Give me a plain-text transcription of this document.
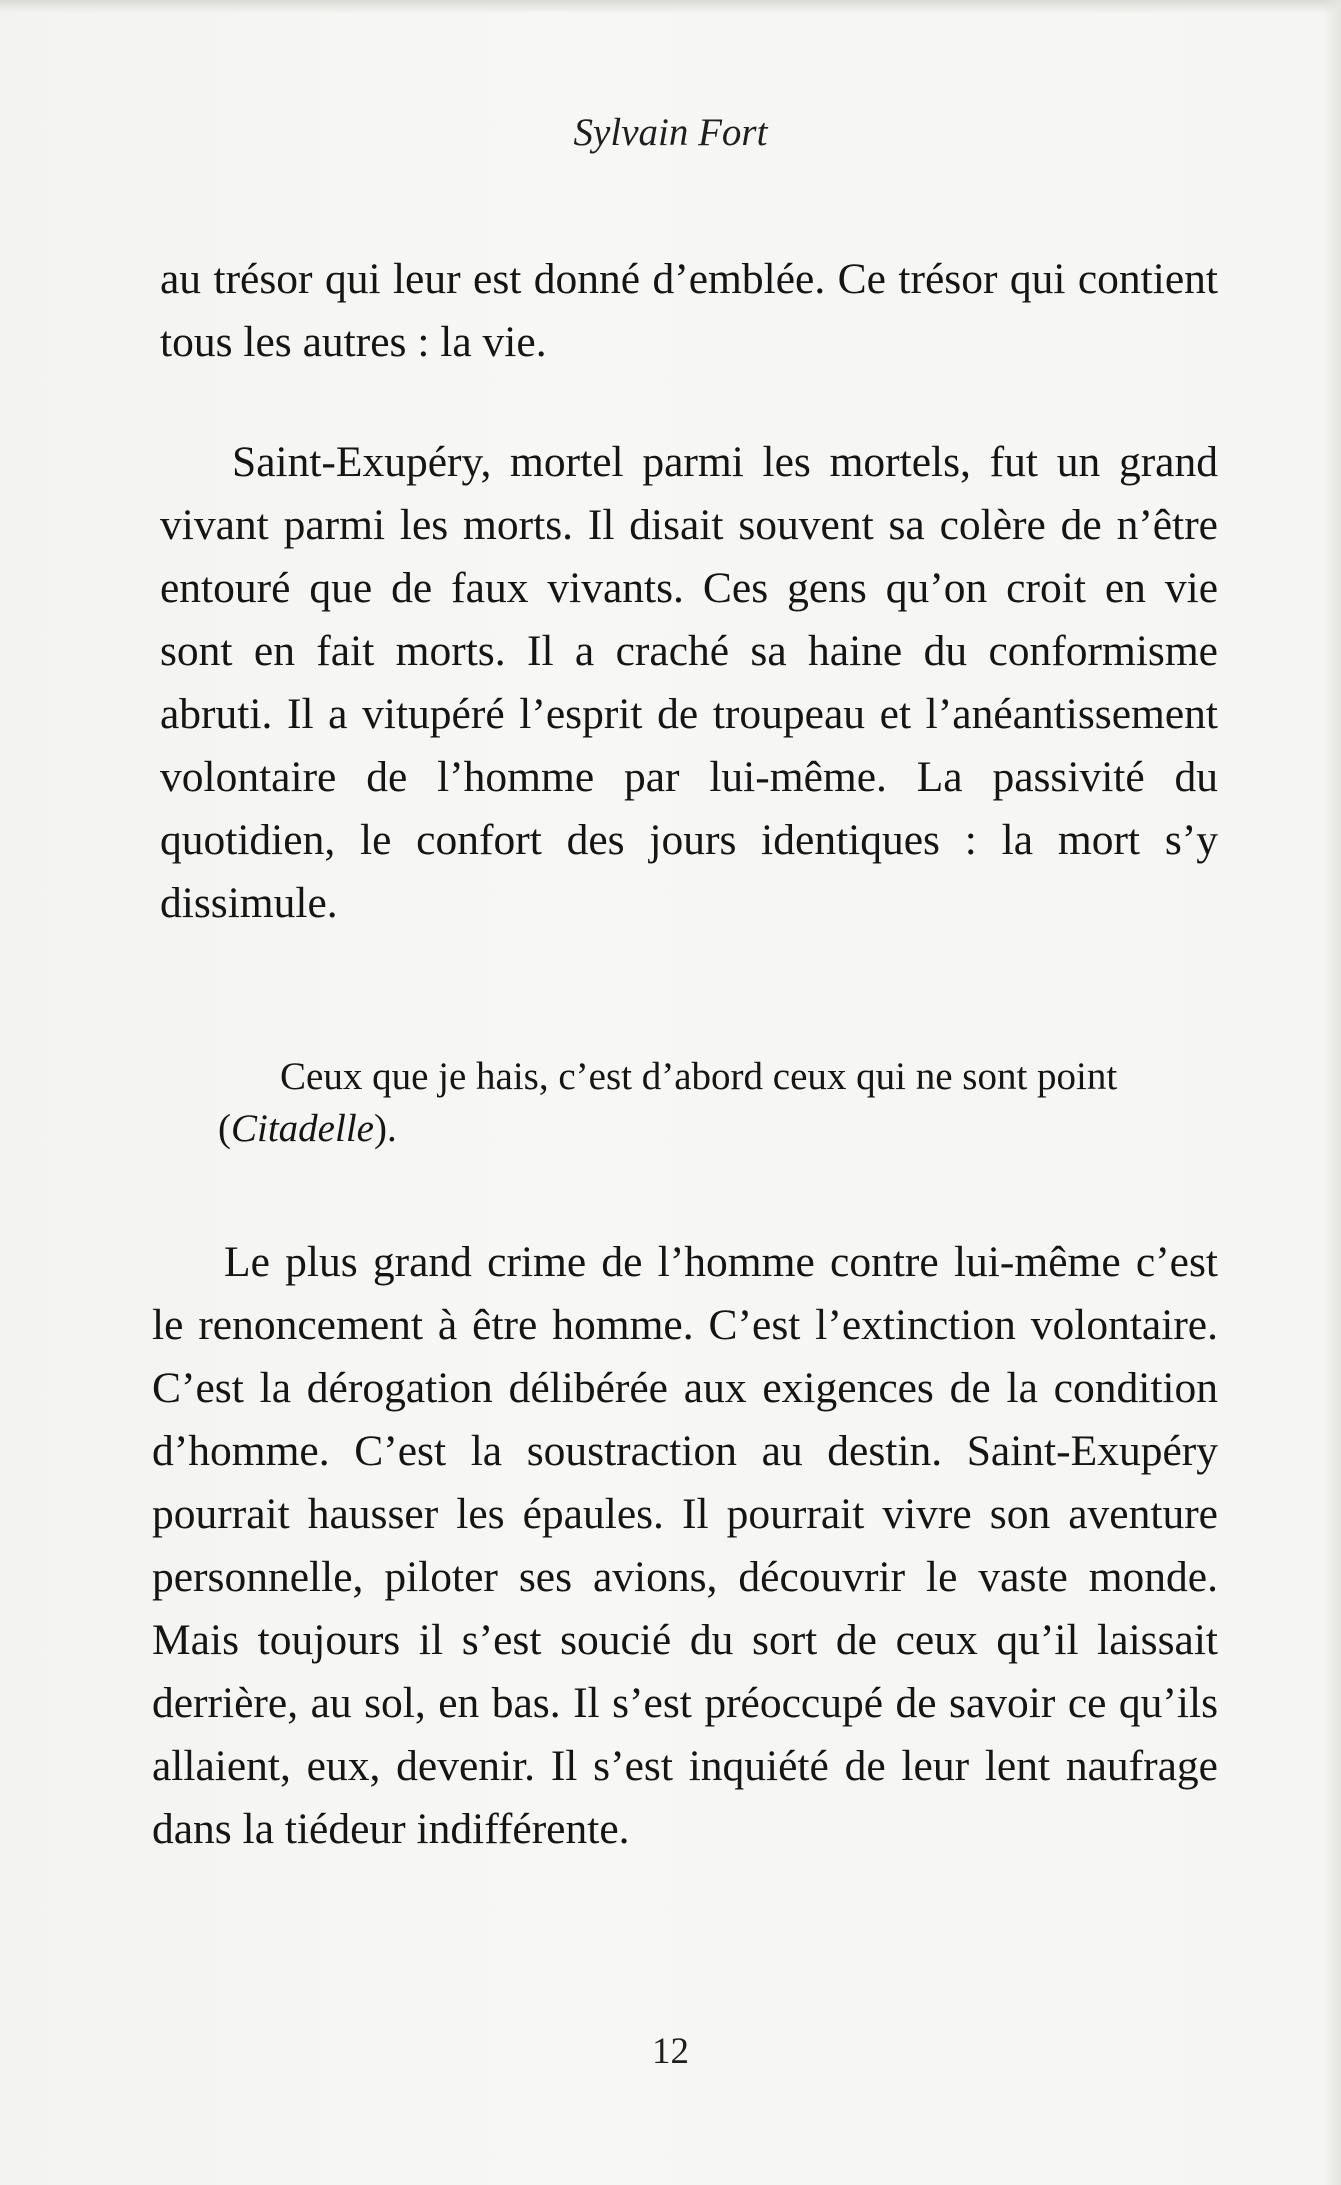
Sylvain Fort

au trésor qui leur est donné d’emblée. Ce trésor qui contient tous les autres : la vie.

Saint-Exupéry, mortel parmi les mortels, fut un grand vivant parmi les morts. Il disait souvent sa colère de n’être entouré que de faux vivants. Ces gens qu’on croit en vie sont en fait morts. Il a craché sa haine du conformisme abruti. Il a vitupéré l’esprit de troupeau et l’anéantissement volontaire de l’homme par lui-même. La passivité du quotidien, le confort des jours identiques : la mort s’y dissimule.

Ceux que je hais, c’est d’abord ceux qui ne sont point (Citadelle).

Le plus grand crime de l’homme contre lui-même c’est le renoncement à être homme. C’est l’extinction volontaire. C’est la dérogation délibérée aux exigences de la condition d’homme. C’est la soustraction au destin. Saint-Exupéry pourrait hausser les épaules. Il pourrait vivre son aventure personnelle, piloter ses avions, découvrir le vaste monde. Mais toujours il s’est soucié du sort de ceux qu’il laissait derrière, au sol, en bas. Il s’est préoccupé de savoir ce qu’ils allaient, eux, devenir. Il s’est inquiété de leur lent naufrage dans la tiédeur indifférente.

12
